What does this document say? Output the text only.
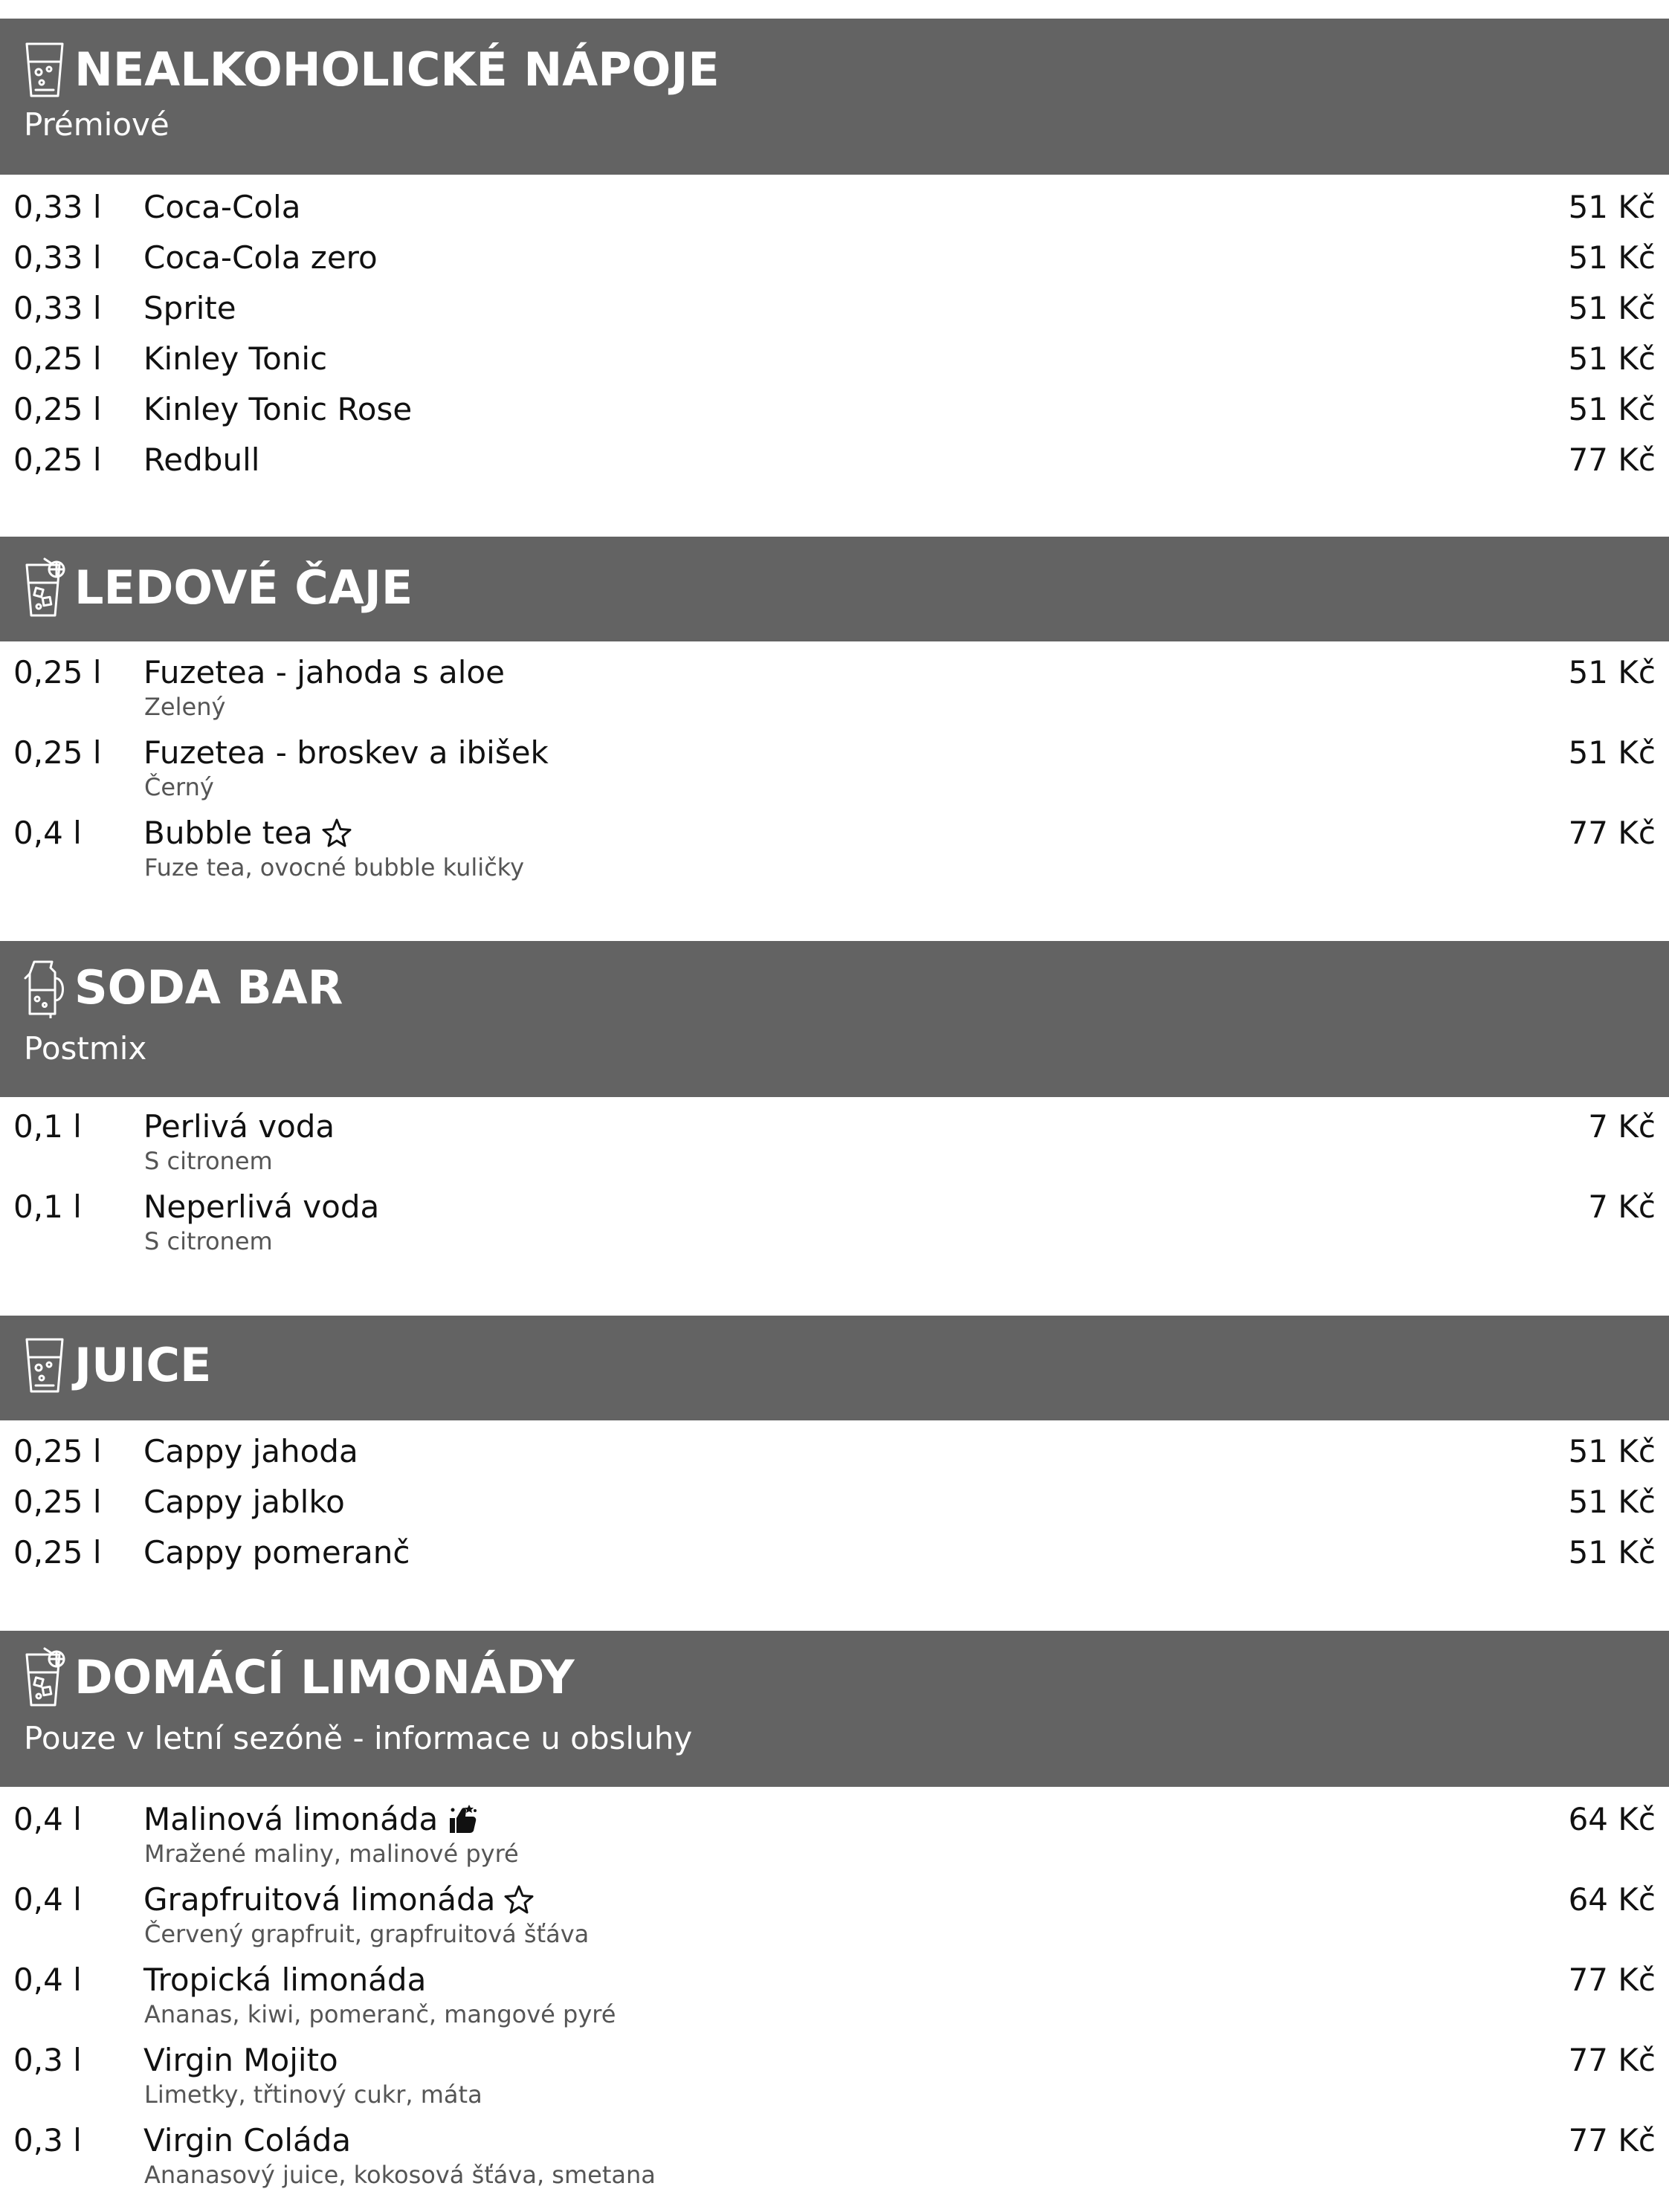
NEALKOHOLICKÉ NÁPOJE
Prémiové
0,33 l Coca-Cola	51 Kč
0,33 l Coca-Cola zero	51 Kč
0,33 l Sprite	51 Kč
0,25 l Kinley Tonic	51 Kč
0,25 l Kinley Tonic Rose	51 Kč
0,25 l Redbull	77 Kč
LEDOVÉ ČAJE
0,25 l Fuzetea - jahoda s aloe	51 Kč
Zelený
0,25 l Fuzetea - broskev a ibišek	51 Kč
Černý
0,4 l Bubble tea	77 Kč
Fuze tea, ovocné bubble kuličky
SODA BAR
Postmix
0,1 l Perlivá voda	7 Kč
S citronem
0,1 l Neperlivá voda	7 Kč
S citronem
JUICE
0,25 l Cappy jahoda	51 Kč
0,25 l Cappy jablko	51 Kč
0,25 l Cappy pomeranč	51 Kč
DOMÁCÍ LIMONÁDY
Pouze v letní sezóně - informace u obsluhy
0,4 l Malinová limonáda	64 Kč
Mražené maliny, malinové pyré
0,4 l Grapfruitová limonáda	64 Kč
Červený grapfruit, grapfruitová šťáva
0,4 l Tropická limonáda	77 Kč
Ananas, kiwi, pomeranč, mangové pyré
0,3 l Virgin Mojito	77 Kč
Limetky, třtinový cukr, máta
0,3 l Virgin Coláda	77 Kč
Ananasový juice, kokosová šťáva, smetana
